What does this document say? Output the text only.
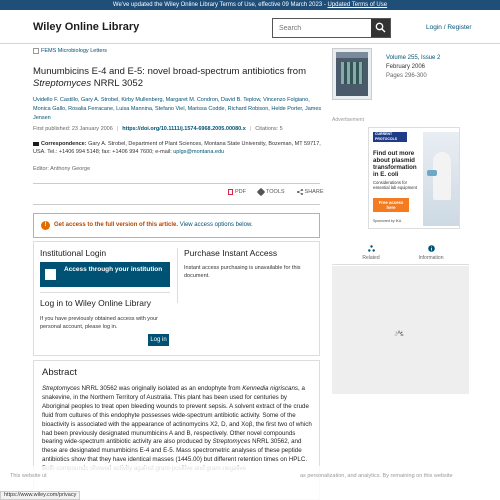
We've updated the Wiley Online Library Terms of Use, effective 09 March 2023 - Updated Terms of Use
Wiley Online Library
Search	Login / Register
FEMS Microbiology Letters
Munumbicins E-4 and E-5: novel broad-spectrum antibiotics from Streptomyces NRRL 3052
Uvidello F. Castillo, Gary A. Strobel, Kirby Mullenberg, Margaret M. Condron, David B. Teplow, Vincenzo Folgiano, Monica Gallo, Rosalia Ferracane, Luisa Mannina, Stefano Viel, Marissa Codde, Richard Robison, Helde Porter, James Jensen
First published: 23 January 2006 | https://doi.org/10.1111/j.1574-6968.2005.00080.x | Citations: 5
Correspondence: Gary A. Strobel, Department of Plant Sciences, Montana State University, Bozeman, MT 59717, USA. Tel.: +1406 994 5148; fax: +1406 994 7600; e-mail: uplgs@montana.edu
Editor: Anthony George
PDF	TOOLS	SHARE
!	Get access to the full version of this article. View access options below.
Institutional Login
Access through your institution
Purchase Instant Access
Instant access purchasing is unavailable for this document.
Log in to Wiley Online Library
If you have previously obtained access with your personal account, please log in.
Log in
Abstract
Streptomyces NRRL 30562 was originally isolated as an endophyte from Kennedia nigriscans, a snakevine, in the Northern Territory of Australia. This plant has been used for centuries by Aboriginal peoples to treat open bleeding wounds to prevent sepsis. A solvent extract of the crude fluid from cultures of this endophyte possesses wide-spectrum antibiotic activity. Some of the bioactivity is associated with the appearance of actinomycins X2, D, and Xoβ, the first two of which had been previously designated munumbicins A and B, respectively. Other novel compounds bearing wide-spectrum antibiotic activity are also produced by Streptomyces NRRL 30562, and these are designated munumbicins E-4 and E-5. Mass spectrometric analyses of these peptide antibiotics show that they have identical masses (1445.00) but different retention times on HPLC.
Volume 255, Issue 2
February 2006
Pages 296-300
Advertisement
CURRENT PROTOCOLS
Find out more about plasmid transformation in E. coli
Considerations for essential lab equipment
Free access here
Sponsored by IKA
Related	Information
This website ut	as personalization, and analytics. By remaining on this website
https://www.wiley.com/privacy
